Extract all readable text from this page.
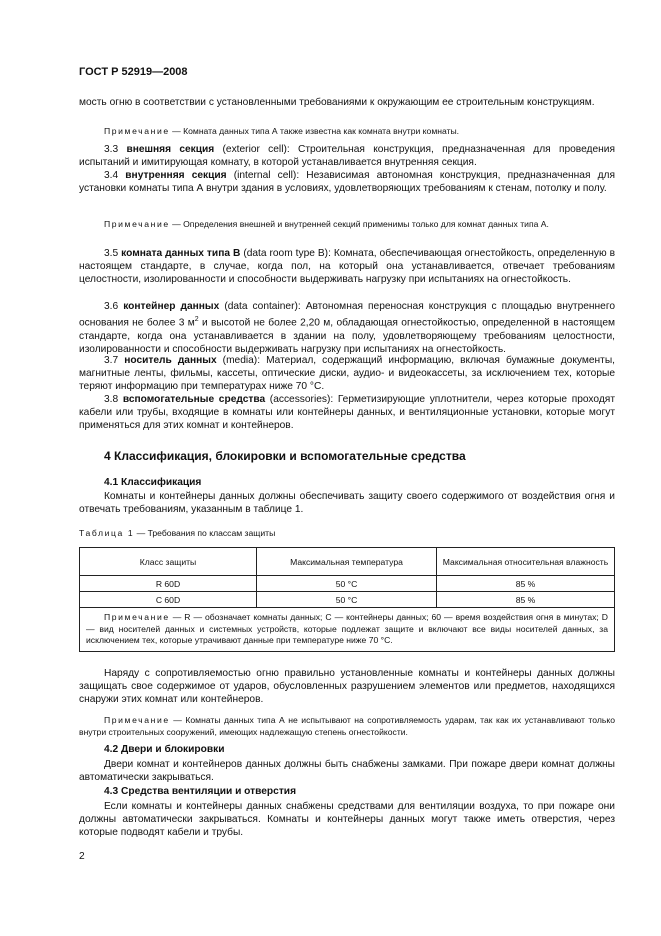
ГОСТ Р 52919—2008

мость огню в соответствии с установленными требованиями к окружающим ее строительным конструкциям.

Примечание — Комната данных типа А также известна как комната внутри комнаты.

3.3 внешняя секция (exterior cell): Строительная конструкция, предназначенная для проведения испытаний и имитирующая комнату, в которой устанавливается внутренняя секция.

3.4 внутренняя секция (internal cell): Независимая автономная конструкция, предназначенная для установки комнаты типа А внутри здания в условиях, удовлетворяющих требованиям к стенам, потолку и полу.

Примечание — Определения внешней и внутренней секций применимы только для комнат данных типа А.

3.5 комната данных типа В (data room type B): Комната, обеспечивающая огнестойкость, определенную в настоящем стандарте, в случае, когда пол, на который она устанавливается, отвечает требованиям целостности, изолированности и способности выдерживать нагрузку при испытаниях на огнестойкость.

3.6 контейнер данных (data container): Автономная переносная конструкция с площадью внутреннего основания не более 3 $м^2$ и высотой не более 2,20 м, обладающая огнестойкостью, определенной в настоящем стандарте, когда она устанавливается в здании на полу, удовлетворяющему требованиям целостности, изолированности и способности выдерживать нагрузку при испытаниях на огнестойкость.

3.7 носитель данных (media): Материал, содержащий информацию, включая бумажные документы, магнитные ленты, фильмы, кассеты, оптические диски, аудио- и видеокассеты, за исключением тех, которые теряют информацию при температурах ниже 70 °С.

3.8 вспомогательные средства (accessories): Герметизирующие уплотнители, через которые проходят кабели или трубы, входящие в комнаты или контейнеры данных, и вентиляционные установки, которые могут применяться для этих комнат и контейнеров.

4 Классификация, блокировки и вспомогательные средства
4.1 Классификация

Комнаты и контейнеры данных должны обеспечивать защиту своего содержимого от воздействия огня и отвечать требованиям, указанным в таблице 1.

Таблица 1 — Требования по классам защиты
Класс защиты	Максимальная температура	Максимальная относительная влажность
R 60D	50 °C	85 %
C 60D	50 °C	85 %
Примечание — R — обозначает комнаты данных; С — контейнеры данных; 60 — время воздействия огня в минутах; D — вид носителей данных и системных устройств, которые подлежат защите и включают все виды носителей данных, за исключением тех, которые утрачивают данные при температуре ниже 70 °С.		

Наряду с сопротивляемостью огню правильно установленные комнаты и контейнеры данных должны защищать свое содержимое от ударов, обусловленных разрушением элементов или предметов, находящихся снаружи этих комнат или контейнеров.

Примечание — Комнаты данных типа А не испытывают на сопротивляемость ударам, так как их устанавливают только внутри строительных сооружений, имеющих надлежащую степень огнестойкости.

4.2 Двери и блокировки

Двери комнат и контейнеров данных должны быть снабжены замками. При пожаре двери комнат должны автоматически закрываться.

4.3 Средства вентиляции и отверстия

Если комнаты и контейнеры данных снабжены средствами для вентиляции воздуха, то при пожаре они должны автоматически закрываться. Комнаты и контейнеры данных могут также иметь отверстия, через которые подводят кабели и трубы.

2
